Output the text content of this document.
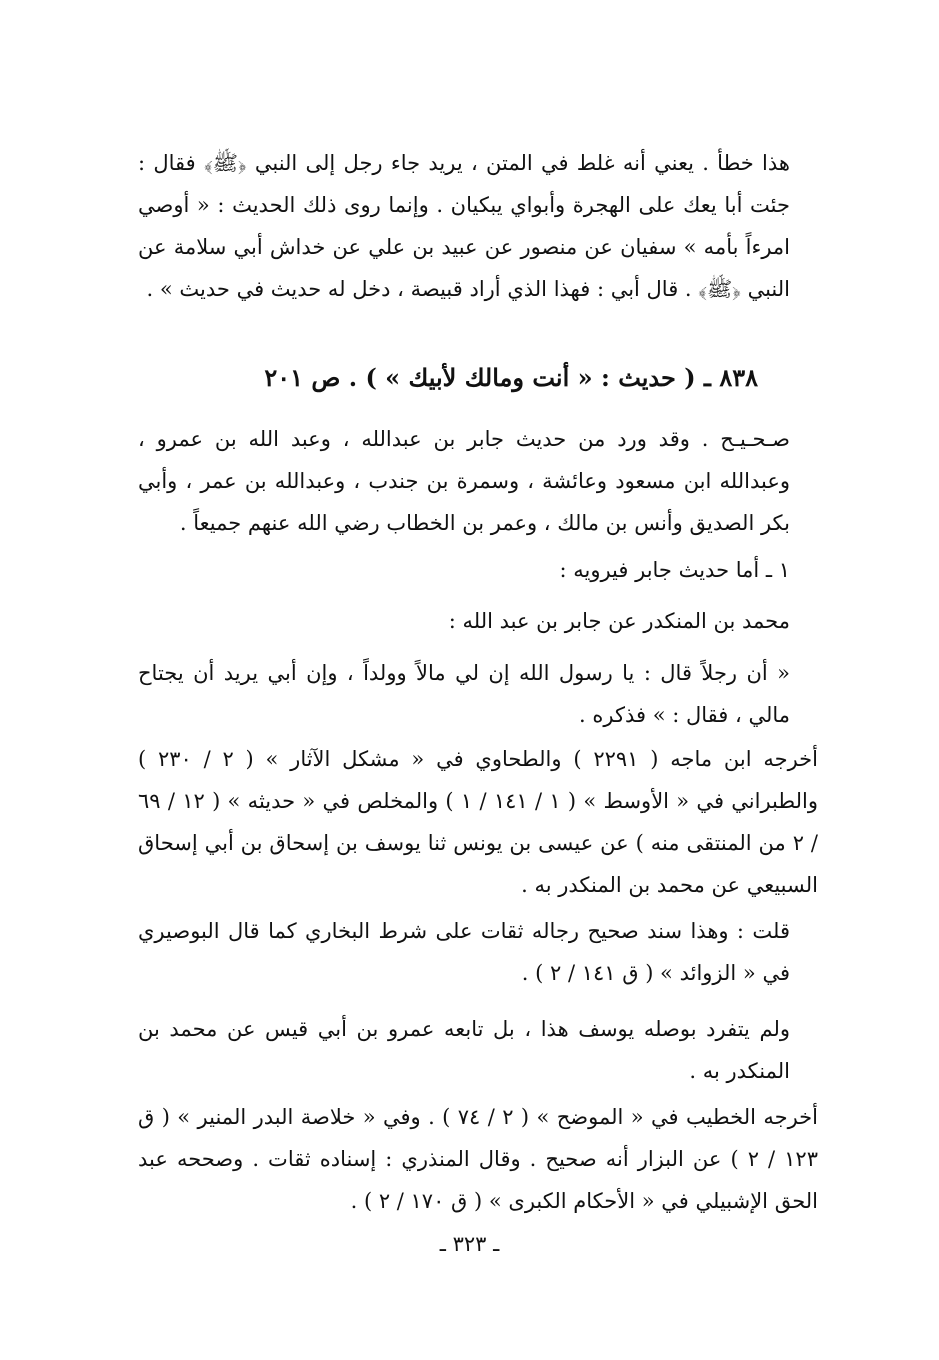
هذا خطأ . يعني أنه غلط في المتن ، يريد جاء رجل إلى النبي ﴿ﷺ﴾ فقال : جئت أبا يعك على الهجرة وأبواي يبكيان . وإنما روى ذلك الحديث : « أوصي امرءاً بأمه » سفيان عن منصور عن عبيد بن علي عن خداش أبي سلامة عن النبي ﴿ﷺ﴾ . قال أبي : فهذا الذي أراد قبيصة ، دخل له حديث في حديث » .

٨٣٨ ـ ( حديث : « أنت ومالك لأبيك » ) . ص ٢٠١

صـحـيـح . وقد ورد من حديث جابر بن عبدالله ، وعبد الله بن عمرو ، وعبدالله ابن مسعود وعائشة ، وسمرة بن جندب ، وعبدالله بن عمر ، وأبي بكر الصديق وأنس بن مالك ، وعمر بن الخطاب رضي الله عنهم جميعاً .

١ ـ أما حديث جابر فيرويه :

محمد بن المنكدر عن جابر بن عبد الله :

« أن رجلاً قال : يا رسول الله إن لي مالاً وولداً ، وإن أبي يريد أن يجتاح مالي ، فقال : » فذكره .

أخرجه ابن ماجه ( ٢٢٩١ ) والطحاوي في « مشكل الآثار » ( ٢ / ٢٣٠ ) والطبراني في « الأوسط » ( ١ / ١٤١ / ١ ) والمخلص في « حديثه » ( ١٢ / ٦٩ / ٢ من المنتقى منه ) عن عيسى بن يونس ثنا يوسف بن إسحاق بن أبي إسحاق السبيعي عن محمد بن المنكدر به .

قلت : وهذا سند صحيح رجاله ثقات على شرط البخاري كما قال البوصيري في « الزوائد » ( ق ١٤١ / ٢ ) .

ولم يتفرد بوصله يوسف هذا ، بل تابعه عمرو بن أبي قيس عن محمد بن المنكدر به .

أخرجه الخطيب في « الموضح » ( ٢ / ٧٤ ) . وفي « خلاصة البدر المنير » ( ق ١٢٣ / ٢ ) عن البزار أنه صحيح . وقال المنذري : إسناده ثقات . وصححه عبد الحق الإشبيلي في « الأحكام الكبرى » ( ق ١٧٠ / ٢ ) .

ـ ٣٢٣ ـ
